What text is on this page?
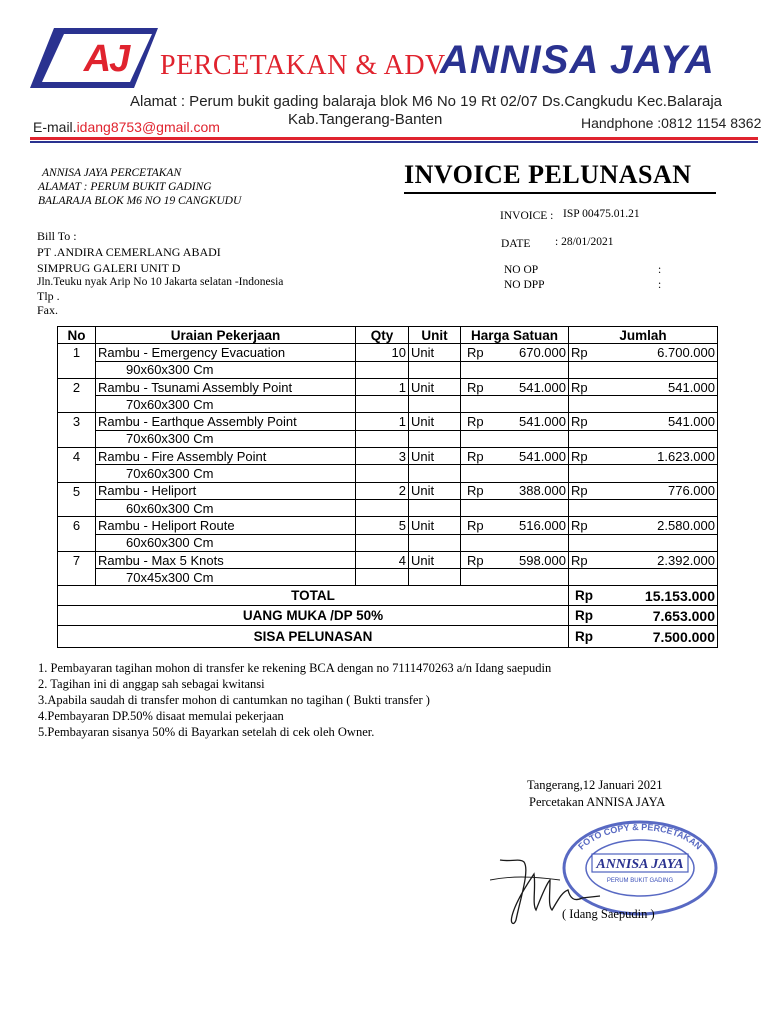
AJ	PERCETAKAN & ADV
ANNISA JAYA
Alamat : Perum bukit gading balaraja blok M6 No 19 Rt 02/07 Ds.Cangkudu Kec.Balaraja
Kab.Tangerang-Banten
E-mail.idang8753@gmail.com	Handphone :0812 1154 8362
ANNISA JAYA PERCETAKAN
ALAMAT : PERUM BUKIT GADING
BALARAJA BLOK M6 NO 19 CANGKUDU
INVOICE PELUNASAN
INVOICE : ISP 00475.01.21
DATE : 28/01/2021
NO OP	:
NO DPP	:
Bill To :
PT .ANDIRA CEMERLANG ABADI
SIMPRUG GALERI UNIT D
Jln.Teuku nyak Arip No 10 Jakarta selatan -Indonesia
Tlp .
Fax.
No	Uraian Pekerjaan	Qty	Unit	Harga Satuan		Jumlah	
1	Rambu - Emergency Evacuation	10	Unit	Rp	670.000	Rp	6.700.000
	90x60x300 Cm						
2	Rambu - Tsunami Assembly Point	1	Unit	Rp	541.000	Rp	541.000
	70x60x300 Cm						
3	Rambu - Earthque Assembly Point	1	Unit	Rp	541.000	Rp	541.000
	70x60x300 Cm						
4	Rambu - Fire Assembly Point	3	Unit	Rp	541.000	Rp	1.623.000
	70x60x300 Cm						
5	Rambu - Heliport	2	Unit	Rp	388.000	Rp	776.000
	60x60x300 Cm						
6	Rambu - Heliport Route	5	Unit	Rp	516.000	Rp	2.580.000
	60x60x300 Cm						
7	Rambu - Max 5 Knots	4	Unit	Rp	598.000	Rp	2.392.000
	70x45x300 Cm						
TOTAL						Rp	15.153.000
UANG MUKA /DP 50%						Rp	7.653.000
SISA PELUNASAN						Rp	7.500.000
1. Pembayaran tagihan mohon di transfer ke rekening BCA dengan no 7111470263 a/n Idang saepudin
2. Tagihan ini di anggap sah sebagai kwitansi
3.Apabila saudah di transfer mohon di cantumkan no tagihan ( Bukti transfer )
4.Pembayaran DP.50% disaat memulai pekerjaan
5.Pembayaran sisanya 50% di Bayarkan setelah di cek oleh Owner.
Tangerang,12 Januari 2021
Percetakan ANNISA JAYA
FOTO COPY & PERCETAKAN
ANNISA JAYA
PERUM BUKIT GADING
( Idang Saepudin )
